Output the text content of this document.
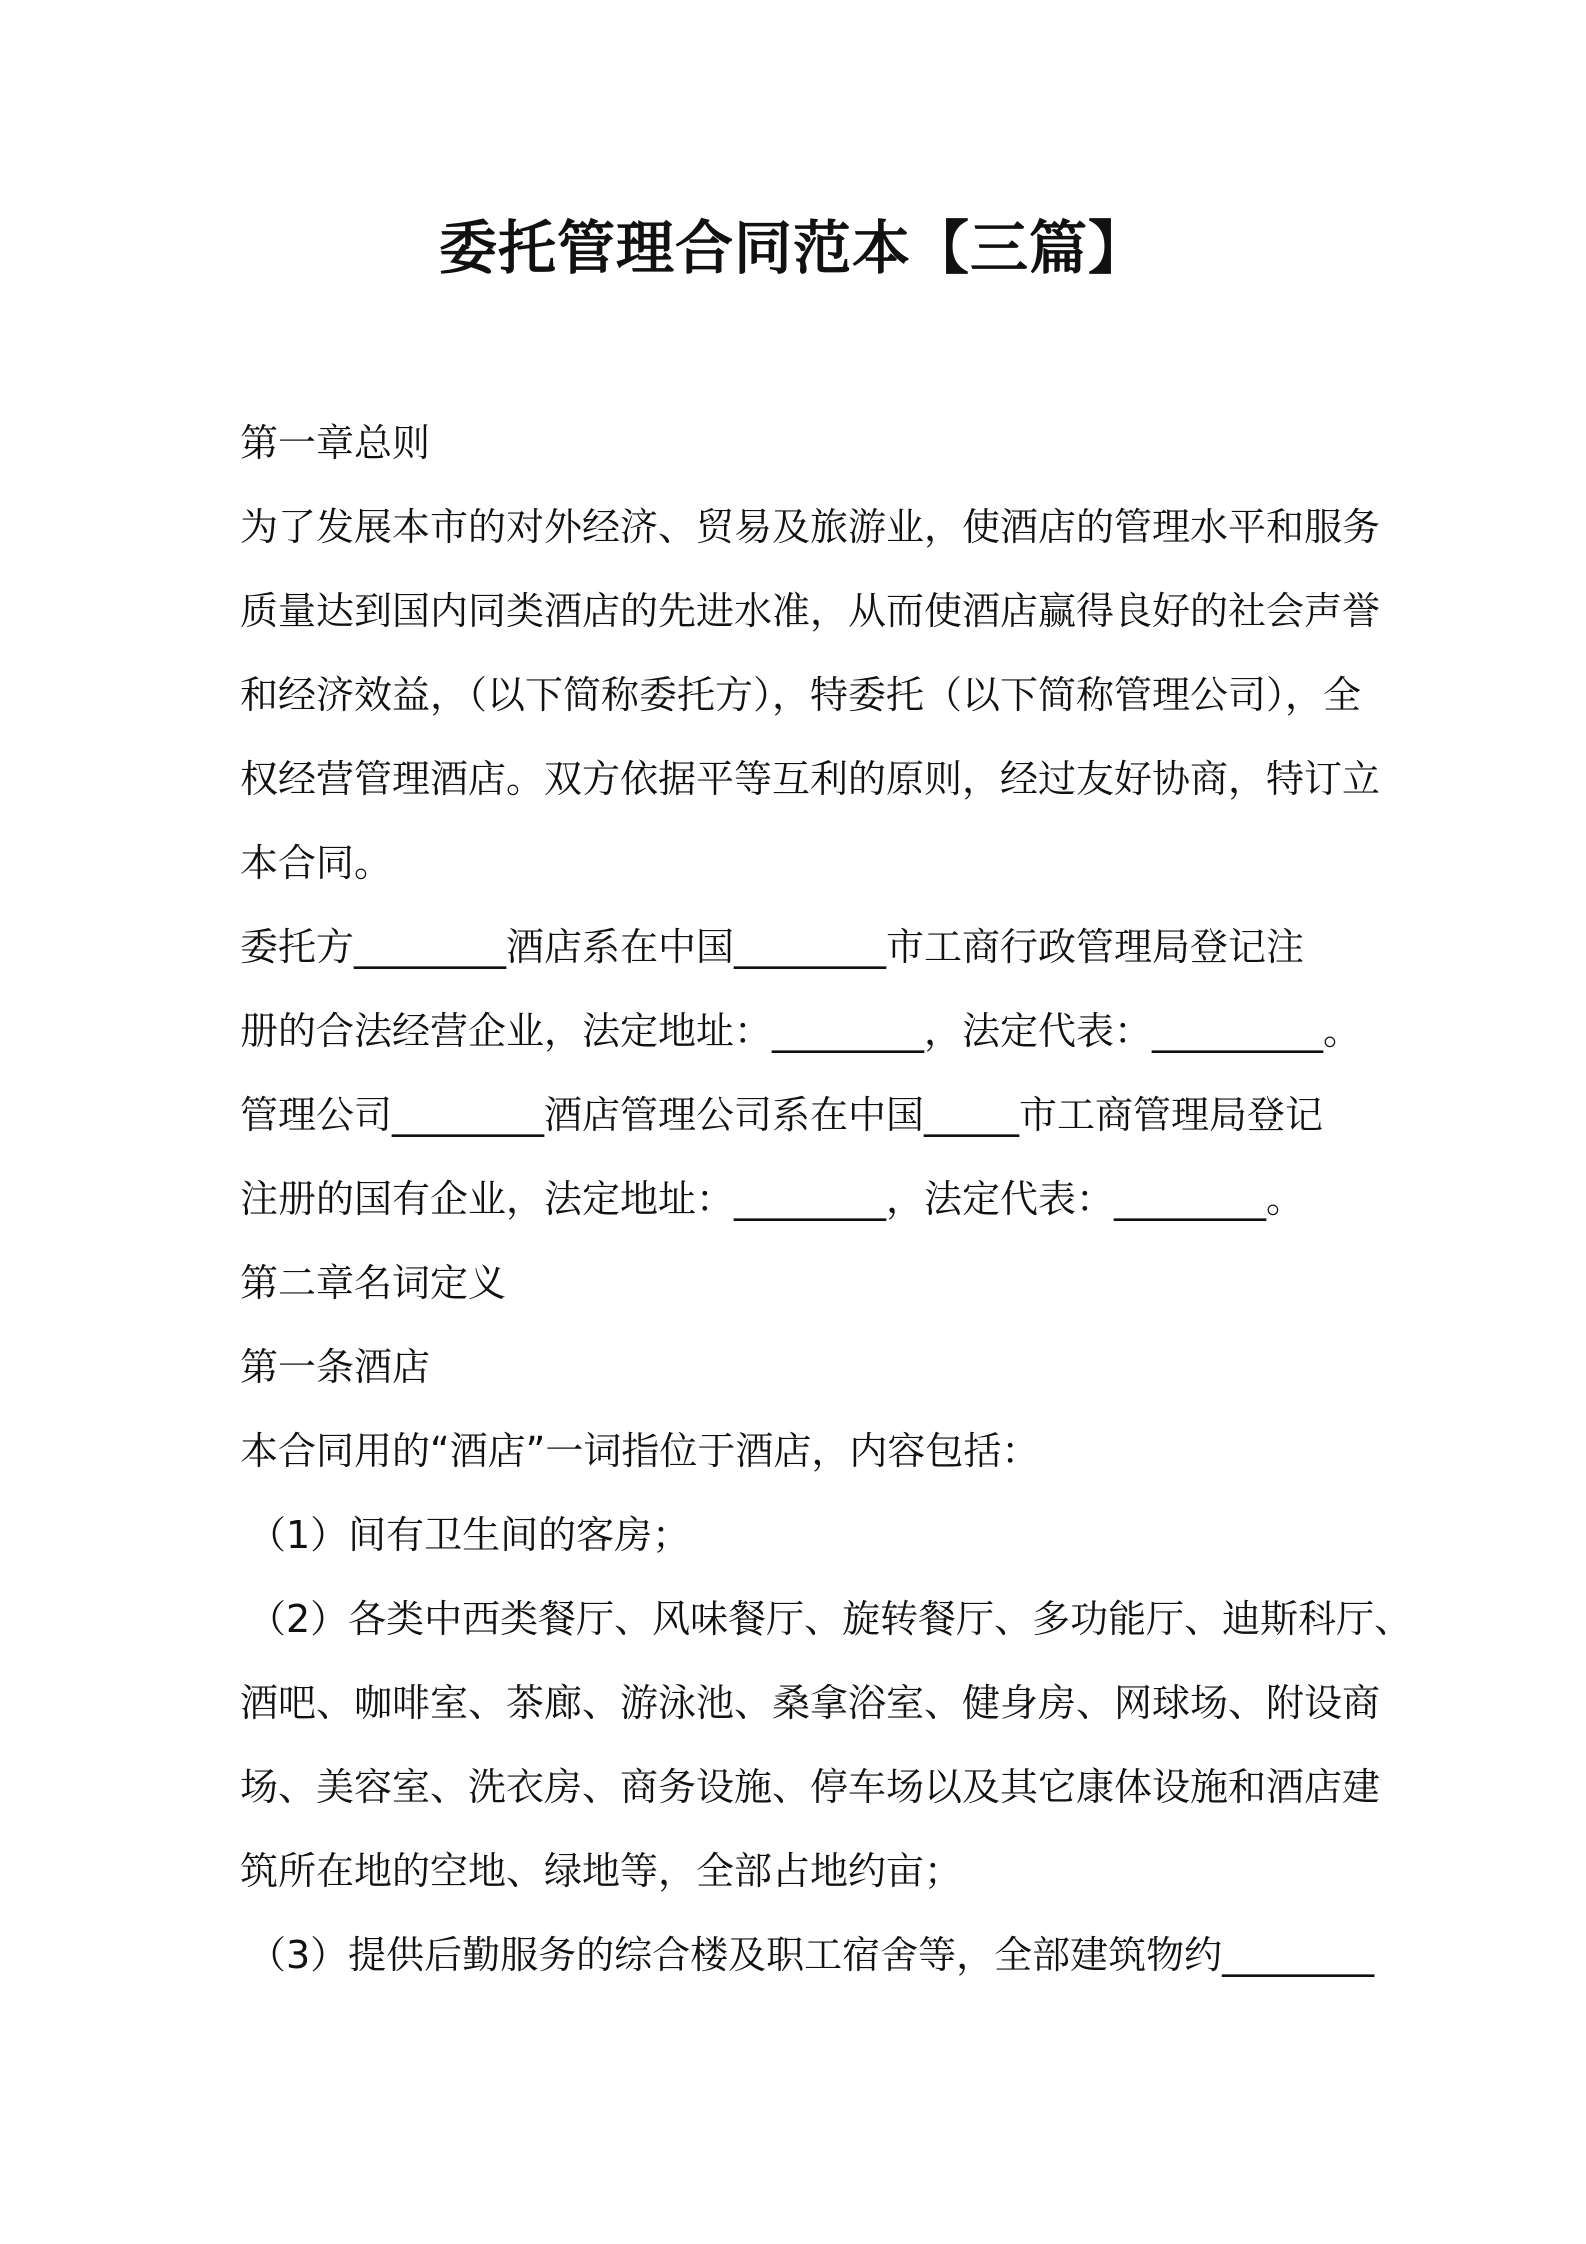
委托管理合同范本【三篇】
第一章总则
为了发展本市的对外经济、贸易及旅游业，使酒店的管理水平和服务
质量达到国内同类酒店的先进水准，从而使酒店赢得良好的社会声誉
和经济效益，（以下简称委托方），特委托（以下简称管理公司），全
权经营管理酒店。双方依据平等互利的原则，经过友好协商，特订立
本合同。
委托方________酒店系在中国________市工商行政管理局登记注
册的合法经营企业，法定地址：________，法定代表：_________。
管理公司________酒店管理公司系在中国_____市工商管理局登记
注册的国有企业，法定地址：________，法定代表：________。
第二章名词定义
第一条酒店
本合同用的“酒店”一词指位于酒店，内容包括：
（1）间有卫生间的客房；
（2）各类中西类餐厅、风味餐厅、旋转餐厅、多功能厅、迪斯科厅、
酒吧、咖啡室、茶廊、游泳池、桑拿浴室、健身房、网球场、附设商
场、美容室、洗衣房、商务设施、停车场以及其它康体设施和酒店建
筑所在地的空地、绿地等，全部占地约亩；
（3）提供后勤服务的综合楼及职工宿舍等，全部建筑物约________
